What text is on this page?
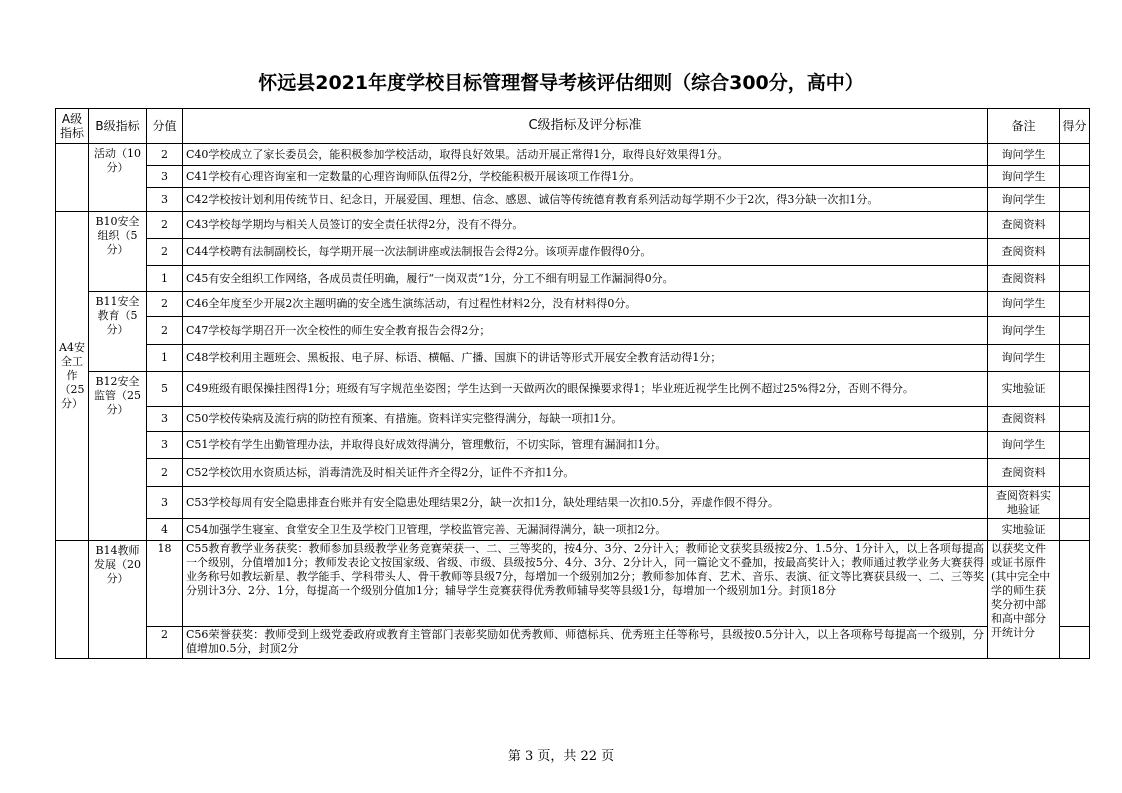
怀远县2021年度学校目标管理督导考核评估细则（综合300分，高中）
A级指标	B级指标	分值	C级指标及评分标准	备注	得分
	活动（10分）	2	C40学校成立了家长委员会，能积极参加学校活动，取得良好效果。活动开展正常得1分，取得良好效果得1分。	询问学生	
		3	C41学校有心理咨询室和一定数量的心理咨询师队伍得2分，学校能积极开展该项工作得1分。	询问学生	
		3	C42学校按计划利用传统节日、纪念日，开展爱国、理想、信念、感恩、诚信等传统德育教育系列活动每学期不少于2次，得3分缺一次扣1分。	询问学生	
A4安全工作（25分）	B10安全组织（5分）	2	C43学校每学期均与相关人员签订的安全责任状得2分，没有不得分。	查阅资料	
		2	C44学校聘有法制副校长，每学期开展一次法制讲座或法制报告会得2分。该项弄虚作假得0分。	查阅资料	
		1	C45有安全组织工作网络，各成员责任明确，履行“一岗双责”1分，分工不细有明显工作漏洞得0分。	查阅资料	
	B11安全教育（5分）	2	C46全年度至少开展2次主题明确的安全逃生演练活动，有过程性材料2分，没有材料得0分。	询问学生	
		2	C47学校每学期召开一次全校性的师生安全教育报告会得2分；	询问学生	
		1	C48学校利用主题班会、黑板报、电子屏、标语、横幅、广播、国旗下的讲话等形式开展安全教育活动得1分；	询问学生	
	B12安全监管（25分）	5	C49班级有眼保操挂图得1分；班级有写字规范坐姿图；学生达到一天做两次的眼保操要求得1；毕业班近视学生比例不超过25%得2分，否则不得分。	实地验证	
		3	C50学校传染病及流行病的防控有预案、有措施。资料详实完整得满分，每缺一项扣1分。	查阅资料	
		3	C51学校有学生出勤管理办法，并取得良好成效得满分，管理敷衍，不切实际，管理有漏洞扣1分。	询问学生	
		2	C52学校饮用水资质达标，消毒清洗及时相关证件齐全得2分，证件不齐扣1分。	查阅资料	
		3	C53学校每周有安全隐患排查台账并有安全隐患处理结果2分，缺一次扣1分，缺处理结果一次扣0.5分，弄虚作假不得分。	查阅资料实地验证	
		4	C54加强学生寝室、食堂安全卫生及学校门卫管理，学校监管完善、无漏洞得满分，缺一项扣2分。	实地验证	
	B14教师发展（20分）	18	C55教育教学业务获奖：教师参加县级教学业务竞赛荣获一、二、三等奖的，按4分、3分、2分计入；教师论文获奖县级按2分、1.5分、1分计入，以上各项每提高一个级别，分值增加1分；教师发表论文按国家级、省级、市级、县级按5分、4分、3分、2分计入，同一篇论文不叠加，按最高奖计入；教师通过教学业务大赛获得业务称号如教坛新星、教学能手、学科带头人、骨干教师等县级7分，每增加一个级别加2分；教师参加体育、艺术、音乐、表演、征文等比赛获县级一、二、三等奖分别计3分、2分、1分，每提高一个级别分值加1分；辅导学生竞赛获得优秀教师辅导奖等县级1分，每增加一个级别加1分。封顶18分	以获奖文件或证书原件(其中完全中学的师生获奖分初中部和高中部分开统计分	
		2	C56荣誉获奖：教师受到上级党委政府或教育主管部门表彰奖励如优秀教师、师德标兵、优秀班主任等称号，县级按0.5分计入，以上各项称号每提高一个级别，分值增加0.5分，封顶2分		
第 3 页，共 22 页
